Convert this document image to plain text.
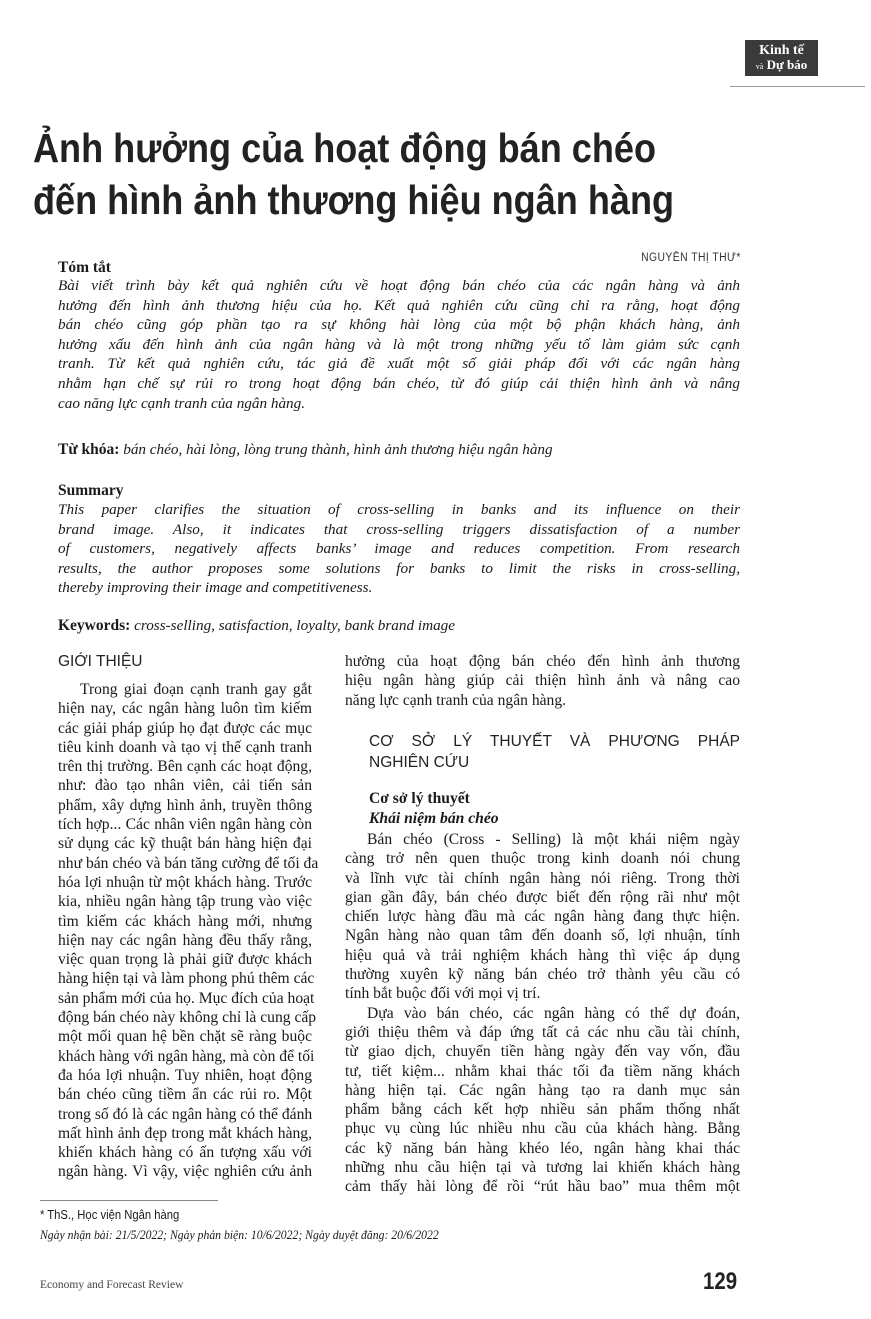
Kinh tế
và Dự báo
Ảnh hưởng của hoạt động bán chéo
đến hình ảnh thương hiệu ngân hàng
NGUYỄN THỊ THƯ*
Tóm tắt
Bài viết trình bày kết quả nghiên cứu về hoạt động bán chéo của các ngân hàng và ảnh
hưởng đến hình ảnh thương hiệu của họ. Kết quả nghiên cứu cũng chỉ ra rằng, hoạt động
bán chéo cũng góp phần tạo ra sự không hài lòng của một bộ phận khách hàng, ảnh
hưởng xấu đến hình ảnh của ngân hàng và là một trong những yếu tố làm giảm sức cạnh
tranh. Từ kết quả nghiên cứu, tác giả đề xuất một số giải pháp đối với các ngân hàng
nhằm hạn chế sự rủi ro trong hoạt động bán chéo, từ đó giúp cải thiện hình ảnh và nâng
cao năng lực cạnh tranh của ngân hàng.
Từ khóa: bán chéo, hài lòng, lòng trung thành, hình ảnh thương hiệu ngân hàng
Summary
This paper clarifies the situation of cross-selling in banks and its influence on their
brand image. Also, it indicates that cross-selling triggers dissatisfaction of a number
of customers, negatively affects banks’ image and reduces competition. From research
results, the author proposes some solutions for banks to limit the risks in cross-selling,
thereby improving their image and competitiveness.
Keywords: cross-selling, satisfaction, loyalty, bank brand image
GIỚI THIỆU
Trong giai đoạn cạnh tranh gay gắt
hiện nay, các ngân hàng luôn tìm kiếm
các giải pháp giúp họ đạt được các mục
tiêu kinh doanh và tạo vị thế cạnh tranh
trên thị trường. Bên cạnh các hoạt động,
như: đào tạo nhân viên, cải tiến sản
phẩm, xây dựng hình ảnh, truyền thông
tích hợp... Các nhân viên ngân hàng còn
sử dụng các kỹ thuật bán hàng hiện đại
như bán chéo và bán tăng cường để tối đa
hóa lợi nhuận từ một khách hàng. Trước
kia, nhiều ngân hàng tập trung vào việc
tìm kiếm các khách hàng mới, nhưng
hiện nay các ngân hàng đều thấy rằng,
việc quan trọng là phải giữ được khách
hàng hiện tại và làm phong phú thêm các
sản phẩm mới của họ. Mục đích của hoạt
động bán chéo này không chỉ là cung cấp
một mối quan hệ bền chặt sẽ ràng buộc
khách hàng với ngân hàng, mà còn để tối
đa hóa lợi nhuận. Tuy nhiên, hoạt động
bán chéo cũng tiềm ẩn các rủi ro. Một
trong số đó là các ngân hàng có thể đánh
mất hình ảnh đẹp trong mắt khách hàng,
khiến khách hàng có ấn tượng xấu với
ngân hàng. Vì vậy, việc nghiên cứu ảnh
hưởng của hoạt động bán chéo đến hình ảnh thương
hiệu ngân hàng giúp cải thiện hình ảnh và nâng cao
năng lực cạnh tranh của ngân hàng.
CƠ SỞ LÝ THUYẾT VÀ PHƯƠNG PHÁP
NGHIÊN CỨU
Cơ sở lý thuyết
Khái niệm bán chéo
Bán chéo (Cross - Selling) là một khái niệm ngày
càng trở nên quen thuộc trong kinh doanh nói chung
và lĩnh vực tài chính ngân hàng nói riêng. Trong thời
gian gần đây, bán chéo được biết đến rộng rãi như một
chiến lược hàng đầu mà các ngân hàng đang thực hiện.
Ngân hàng nào quan tâm đến doanh số, lợi nhuận, tính
hiệu quả và trải nghiệm khách hàng thì việc áp dụng
thường xuyên kỹ năng bán chéo trở thành yêu cầu có
tính bắt buộc đối với mọi vị trí.
Dựa vào bán chéo, các ngân hàng có thể dự đoán,
giới thiệu thêm và đáp ứng tất cả các nhu cầu tài chính,
từ giao dịch, chuyển tiền hàng ngày đến vay vốn, đầu
tư, tiết kiệm... nhằm khai thác tối đa tiềm năng khách
hàng hiện tại. Các ngân hàng tạo ra danh mục sản
phẩm bằng cách kết hợp nhiều sản phẩm thống nhất
phục vụ cùng lúc nhiều nhu cầu của khách hàng. Bằng
các kỹ năng bán hàng khéo léo, ngân hàng khai thác
những nhu cầu hiện tại và tương lai khiến khách hàng
cảm thấy hài lòng để rồi “rút hầu bao” mua thêm một
* ThS., Học viện Ngân hàng
Ngày nhận bài: 21/5/2022; Ngày phản biện: 10/6/2022; Ngày duyệt đăng: 20/6/2022
Economy and Forecast Review	129
